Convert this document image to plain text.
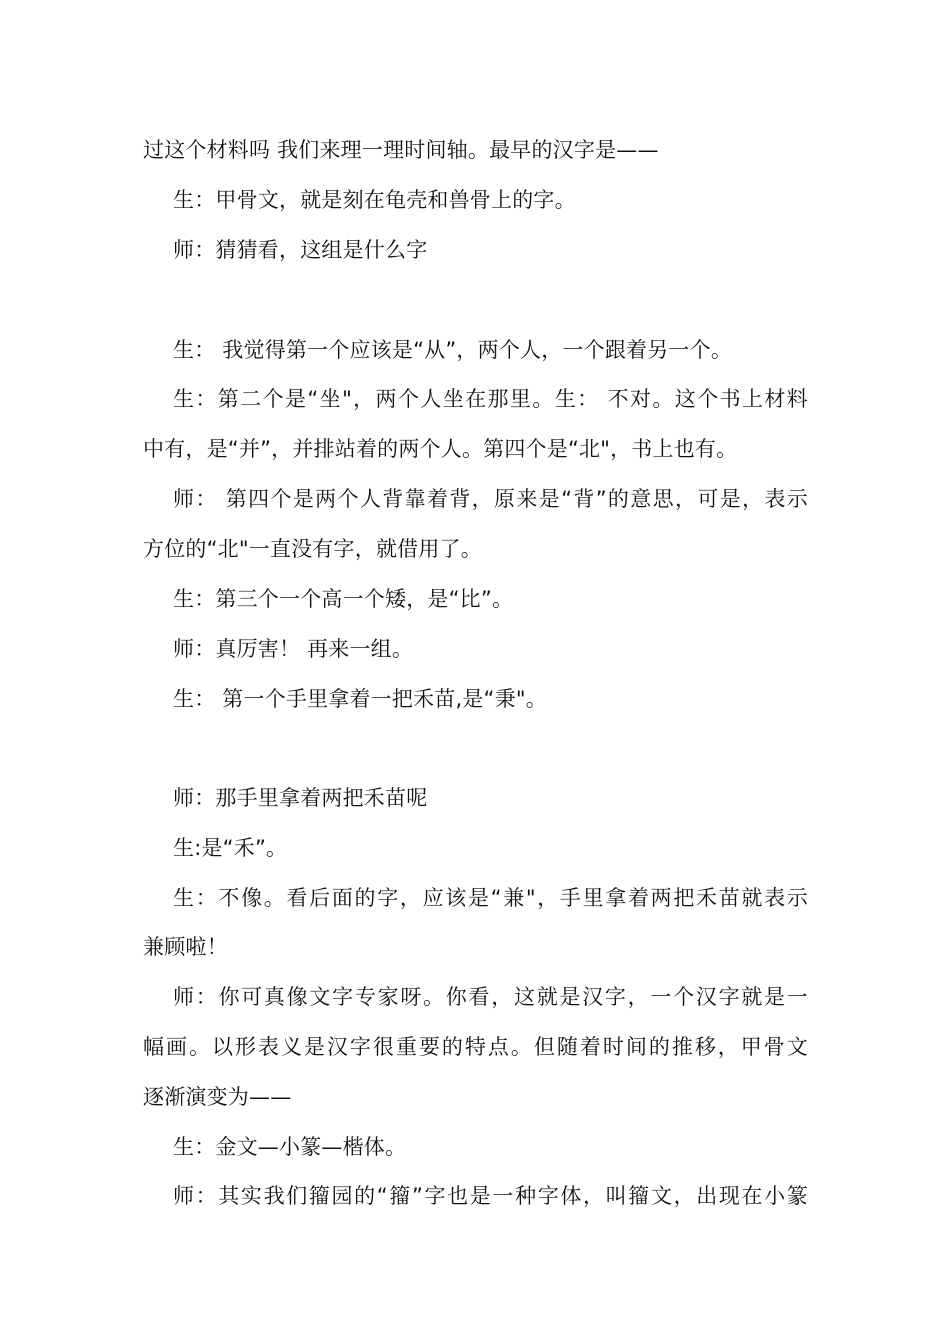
过这个材料吗 我们来理一理时间轴。最早的汉字是——
生：甲骨文，就是刻在龟壳和兽骨上的字。
师：猜猜看，这组是什么字
生： 我觉得第一个应该是“从”，两个人，一个跟着另一个。
生：第二个是“坐"，两个人坐在那里。生： 不对。这个书上材料
中有，是“并”，并排站着的两个人。第四个是“北"，书上也有。
师： 第四个是两个人背靠着背，原来是“背”的意思，可是，表示
方位的“北"一直没有字，就借用了。
生：第三个一个高一个矮，是“比”。
师：真厉害！ 再来一组。
生： 第一个手里拿着一把禾苗,是“秉"。
师：那手里拿着两把禾苗呢
生:是“禾”。
生：不像。看后面的字，应该是“兼"，手里拿着两把禾苗就表示
兼顾啦！
师：你可真像文字专家呀。你看，这就是汉字，一个汉字就是一
幅画。以形表义是汉字很重要的特点。但随着时间的推移，甲骨文
逐渐演变为——
生：金文—小篆—楷体。
师：其实我们籀园的“籀”字也是一种字体，叫籀文，出现在小篆
